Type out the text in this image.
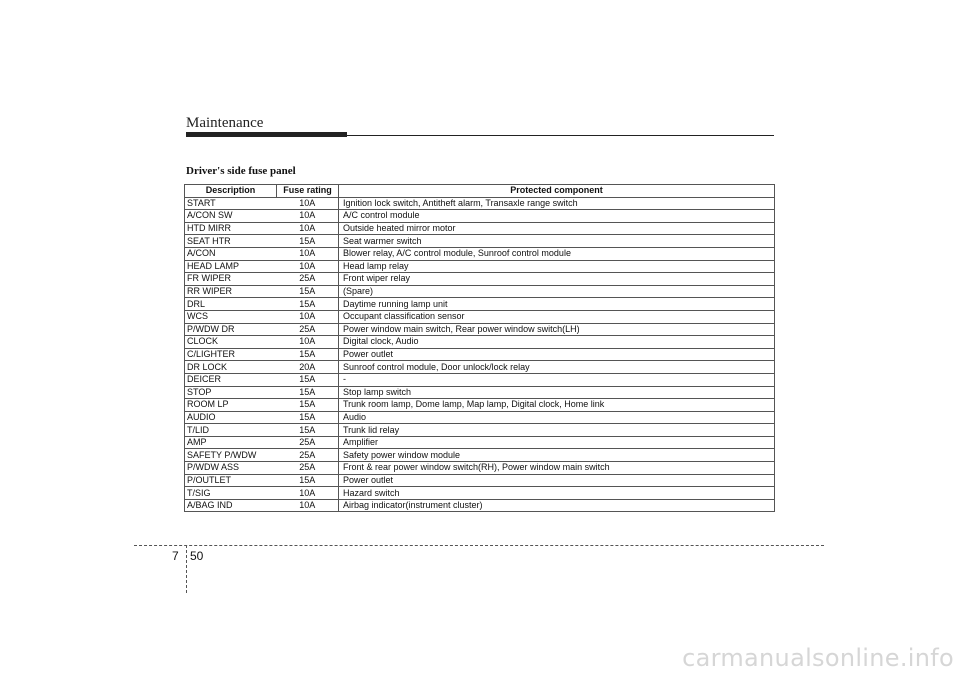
Maintenance
Driver's side fuse panel
Description	Fuse rating	Protected component
START	10A	Ignition lock switch, Antitheft alarm, Transaxle range switch
A/CON SW	10A	A/C control module
HTD MIRR	10A	Outside heated mirror motor
SEAT HTR	15A	Seat warmer switch
A/CON	10A	Blower relay, A/C control module, Sunroof control module
HEAD LAMP	10A	Head lamp relay
FR WIPER	25A	Front wiper relay
RR WIPER	15A	(Spare)
DRL	15A	Daytime running lamp unit
WCS	10A	Occupant classification sensor
P/WDW DR	25A	Power window main switch, Rear power window switch(LH)
CLOCK	10A	Digital clock, Audio
C/LIGHTER	15A	Power outlet
DR LOCK	20A	Sunroof control module, Door unlock/lock relay
DEICER	15A	-
STOP	15A	Stop lamp switch
ROOM LP	15A	Trunk room lamp, Dome lamp, Map lamp, Digital clock, Home link
AUDIO	15A	Audio
T/LID	15A	Trunk lid relay
AMP	25A	Amplifier
SAFETY P/WDW	25A	Safety power window module
P/WDW ASS	25A	Front & rear power window switch(RH), Power window main switch
P/OUTLET	15A	Power outlet
T/SIG	10A	Hazard switch
A/BAG IND	10A	Airbag indicator(instrument cluster)
7 50
carmanualsonline.info
